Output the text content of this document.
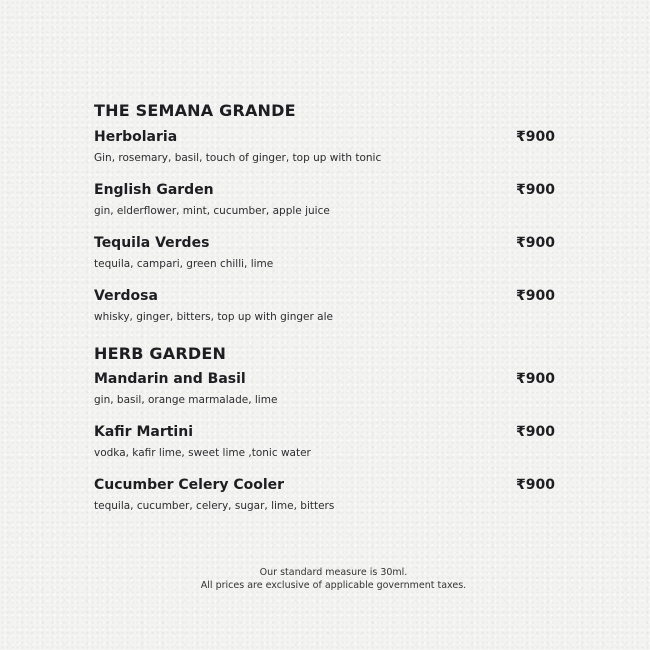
THE SEMANA GRANDE
Herbolaria	₹900
Gin, rosemary, basil, touch of ginger, top up with tonic
English Garden	₹900
gin, elderflower, mint, cucumber, apple juice
Tequila Verdes	₹900
tequila, campari, green chilli, lime
Verdosa	₹900
whisky, ginger, bitters, top up with ginger ale
HERB GARDEN
Mandarin and Basil	₹900
gin, basil, orange marmalade, lime
Kafir Martini	₹900
vodka, kafir lime, sweet lime ,tonic water
Cucumber Celery Cooler	₹900
tequila, cucumber, celery, sugar, lime, bitters
Our standard measure is 30ml.
All prices are exclusive of applicable government taxes.
